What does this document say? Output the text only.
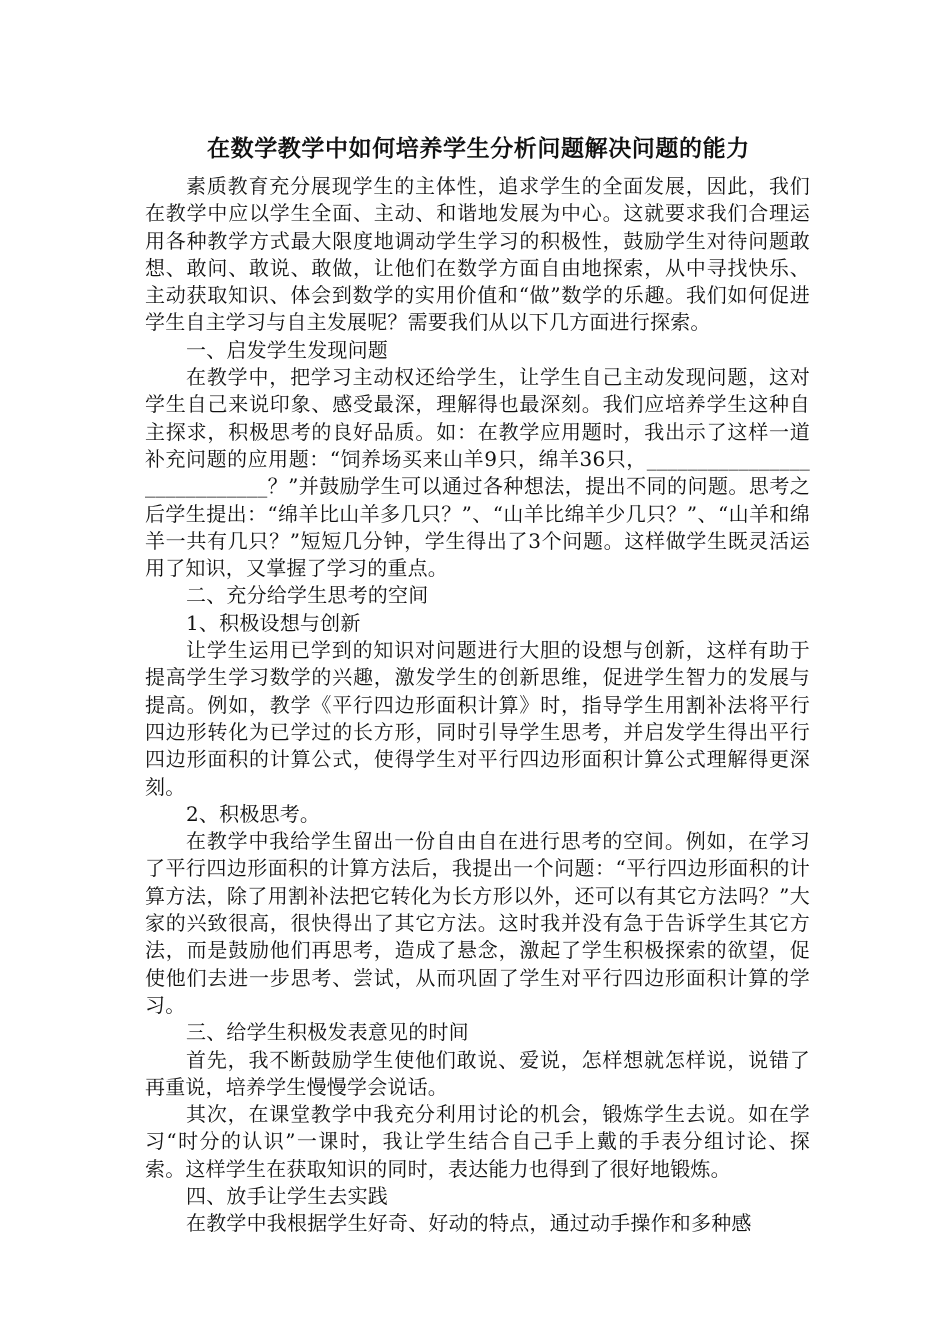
在数学教学中如何培养学生分析问题解决问题的能力
素质教育充分展现学生的主体性，追求学生的全面发展，因此，我们在教学中应以学生全面、主动、和谐地发展为中心。这就要求我们合理运用各种教学方式最大限度地调动学生学习的积极性，鼓励学生对待问题敢想、敢问、敢说、敢做，让他们在数学方面自由地探索，从中寻找快乐、主动获取知识、体会到数学的实用价值和“做”数学的乐趣。我们如何促进学生自主学习与自主发展呢？需要我们从以下几方面进行探索。
一、启发学生发现问题
在教学中，把学习主动权还给学生，让学生自己主动发现问题，这对学生自己来说印象、感受最深，理解得也最深刻。我们应培养学生这种自主探求，积极思考的良好品质。如：在教学应用题时，我出示了这样一道补充问题的应用题：“饲养场买来山羊9只，绵羊36只，____________________________？”并鼓励学生可以通过各种想法，提出不同的问题。思考之后学生提出：“绵羊比山羊多几只？”、“山羊比绵羊少几只？”、“山羊和绵羊一共有几只？”短短几分钟，学生得出了3个问题。这样做学生既灵活运用了知识，又掌握了学习的重点。
二、充分给学生思考的空间
1、积极设想与创新
让学生运用已学到的知识对问题进行大胆的设想与创新，这样有助于提高学生学习数学的兴趣，激发学生的创新思维，促进学生智力的发展与提高。例如，教学《平行四边形面积计算》时，指导学生用割补法将平行四边形转化为已学过的长方形，同时引导学生思考，并启发学生得出平行四边形面积的计算公式，使得学生对平行四边形面积计算公式理解得更深刻。
2、积极思考。
在教学中我给学生留出一份自由自在进行思考的空间。例如，在学习了平行四边形面积的计算方法后，我提出一个问题：“平行四边形面积的计算方法，除了用割补法把它转化为长方形以外，还可以有其它方法吗？”大家的兴致很高，很快得出了其它方法。这时我并没有急于告诉学生其它方法，而是鼓励他们再思考，造成了悬念，激起了学生积极探索的欲望，促使他们去进一步思考、尝试，从而巩固了学生对平行四边形面积计算的学习。
三、给学生积极发表意见的时间
首先，我不断鼓励学生使他们敢说、爱说，怎样想就怎样说，说错了再重说，培养学生慢慢学会说话。
其次，在课堂教学中我充分利用讨论的机会，锻炼学生去说。如在学习“时分的认识”一课时，我让学生结合自己手上戴的手表分组讨论、探索。这样学生在获取知识的同时，表达能力也得到了很好地锻炼。
四、放手让学生去实践
在教学中我根据学生好奇、好动的特点，通过动手操作和多种感
